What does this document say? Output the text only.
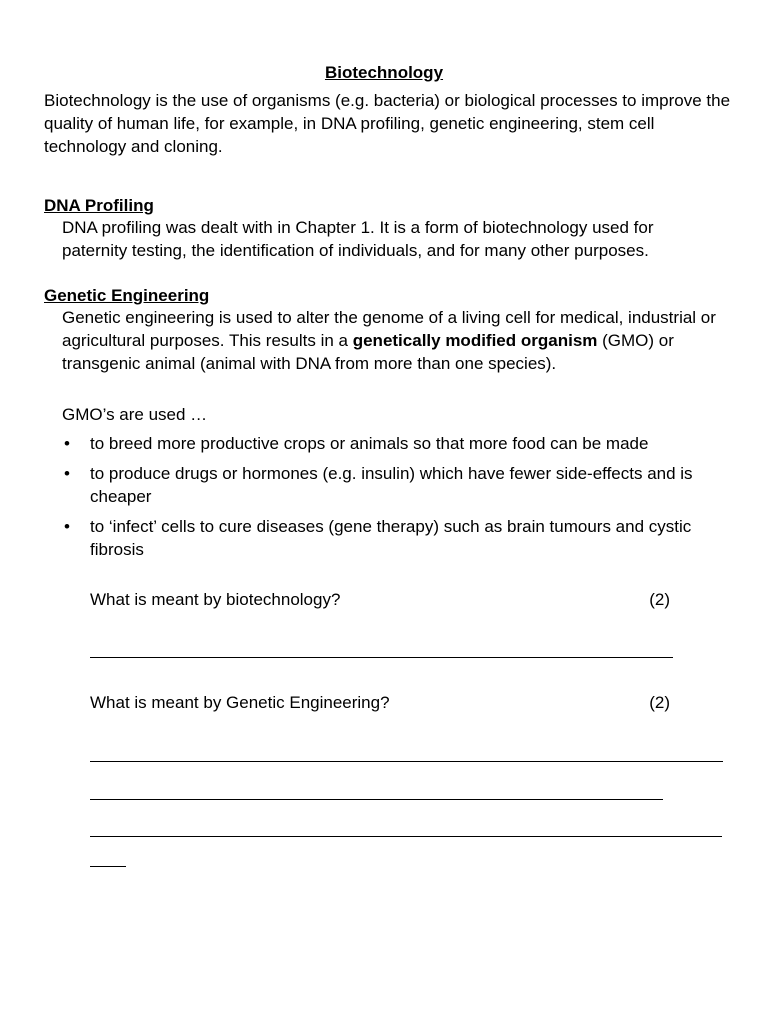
Biotechnology

Biotechnology is the use of organisms (e.g. bacteria) or biological processes to improve the quality of human life, for example, in DNA profiling, genetic engineering, stem cell technology and cloning.

DNA Profiling

DNA profiling was dealt with in Chapter 1. It is a form of biotechnology used for paternity testing, the identification of individuals, and for many other purposes.

Genetic Engineering

Genetic engineering is used to alter the genome of a living cell for medical, industrial or agricultural purposes. This results in a genetically modified organism (GMO) or transgenic animal (animal with DNA from more than one species).

GMO’s are used …

• to breed more productive crops or animals so that more food can be made
• to produce drugs or hormones (e.g. insulin) which have fewer side-effects and is cheaper
• to ‘infect’ cells to cure diseases (gene therapy) such as brain tumours and cystic fibrosis
What is meant by biotechnology?	(2)
What is meant by Genetic Engineering?	(2)
